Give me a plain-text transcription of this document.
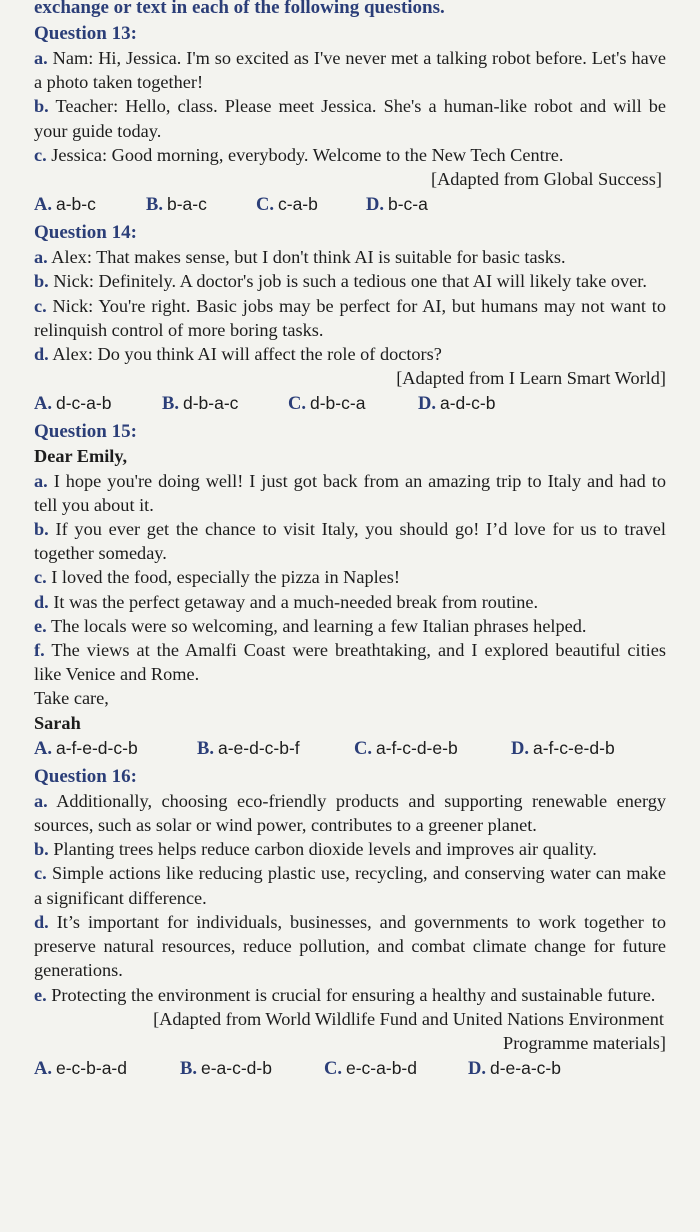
exchange or text in each of the following questions.
Question 13:

a. Nam: Hi, Jessica. I'm so excited as I've never met a talking robot before. Let's have a photo taken together!

b. Teacher: Hello, class. Please meet Jessica. She's a human-like robot and will be your guide today.

c. Jessica: Good morning, everybody. Welcome to the New Tech Centre.

[Adapted from Global Success]

A. a-b-c	B. b-a-c	C. c-a-b	D. b-c-a
Question 14:

a. Alex: That makes sense, but I don't think AI is suitable for basic tasks.

b. Nick: Definitely. A doctor's job is such a tedious one that AI will likely take over.

c. Nick: You're right. Basic jobs may be perfect for AI, but humans may not want to relinquish control of more boring tasks.

d. Alex: Do you think AI will affect the role of doctors?

[Adapted from I Learn Smart World]

A. d-c-a-b	B. d-b-a-c	C. d-b-c-a	D. a-d-c-b
Question 15:

Dear Emily,

a. I hope you're doing well! I just got back from an amazing trip to Italy and had to tell you about it.

b. If you ever get the chance to visit Italy, you should go! I’d love for us to travel together someday.

c. I loved the food, especially the pizza in Naples!

d. It was the perfect getaway and a much-needed break from routine.

e. The locals were so welcoming, and learning a few Italian phrases helped.

f. The views at the Amalfi Coast were breathtaking, and I explored beautiful cities like Venice and Rome.

Take care,

Sarah

A. a-f-e-d-c-b	B. a-e-d-c-b-f	C. a-f-c-d-e-b	D. a-f-c-e-d-b
Question 16:

a. Additionally, choosing eco-friendly products and supporting renewable energy sources, such as solar or wind power, contributes to a greener planet.

b. Planting trees helps reduce carbon dioxide levels and improves air quality.

c. Simple actions like reducing plastic use, recycling, and conserving water can make a significant difference.

d. It’s important for individuals, businesses, and governments to work together to preserve natural resources, reduce pollution, and combat climate change for future generations.

e. Protecting the environment is crucial for ensuring a healthy and sustainable future.

[Adapted from World Wildlife Fund and United Nations Environment

Programme materials]

A. e-c-b-a-d	B. e-a-c-d-b	C. e-c-a-b-d	D. d-e-a-c-b
